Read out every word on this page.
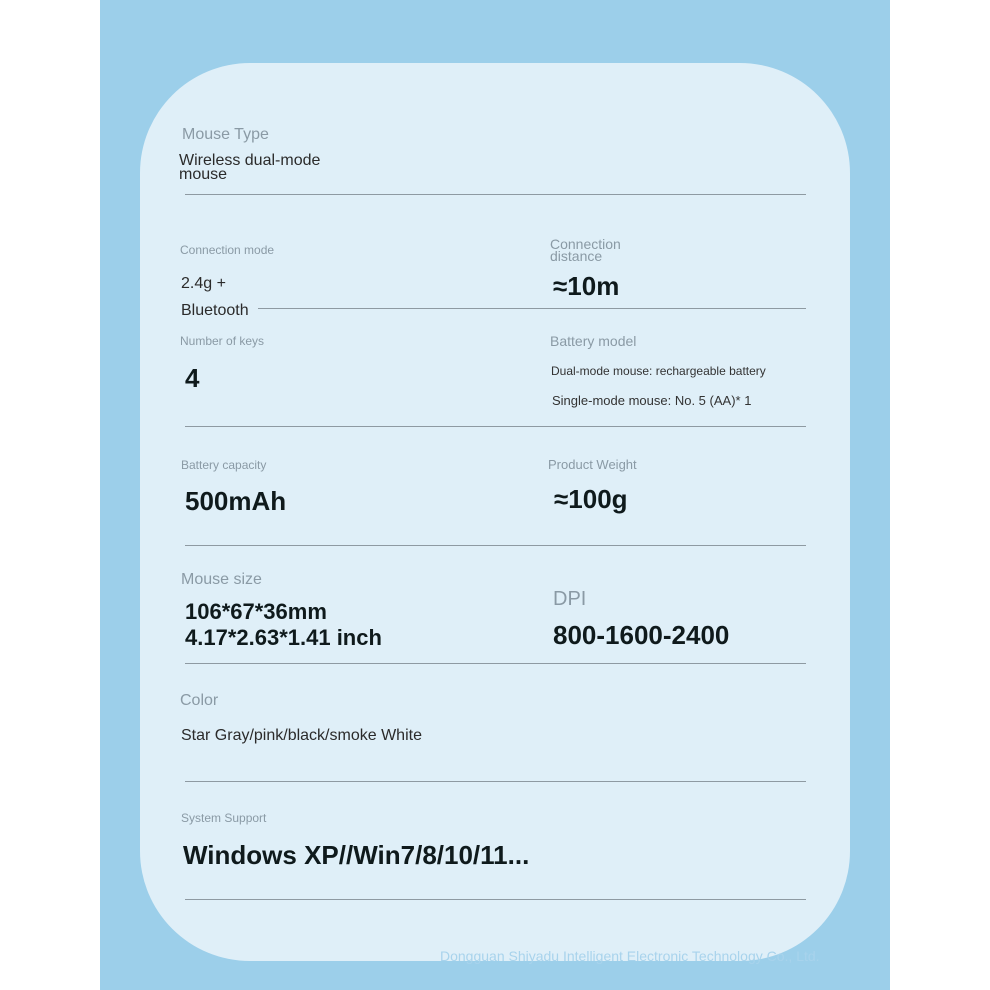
Mouse Type
Wireless dual-mode
mouse
Connection mode
2.4g +
Bluetooth
Connection
distance
≈10m
Number of keys
4
Battery model
Dual-mode mouse: rechargeable battery
Single-mode mouse: No. 5 (AA)* 1
Battery capacity
500mAh
Product Weight
≈100g
Mouse size
106*67*36mm
4.17*2.63*1.41 inch
DPI
800-1600-2400
Color
Star Gray/pink/black/smoke White
System Support
Windows XP//Win7/8/10/11...
Dongguan Shiyadu Intelligent Electronic Technology Co., Ltd.
